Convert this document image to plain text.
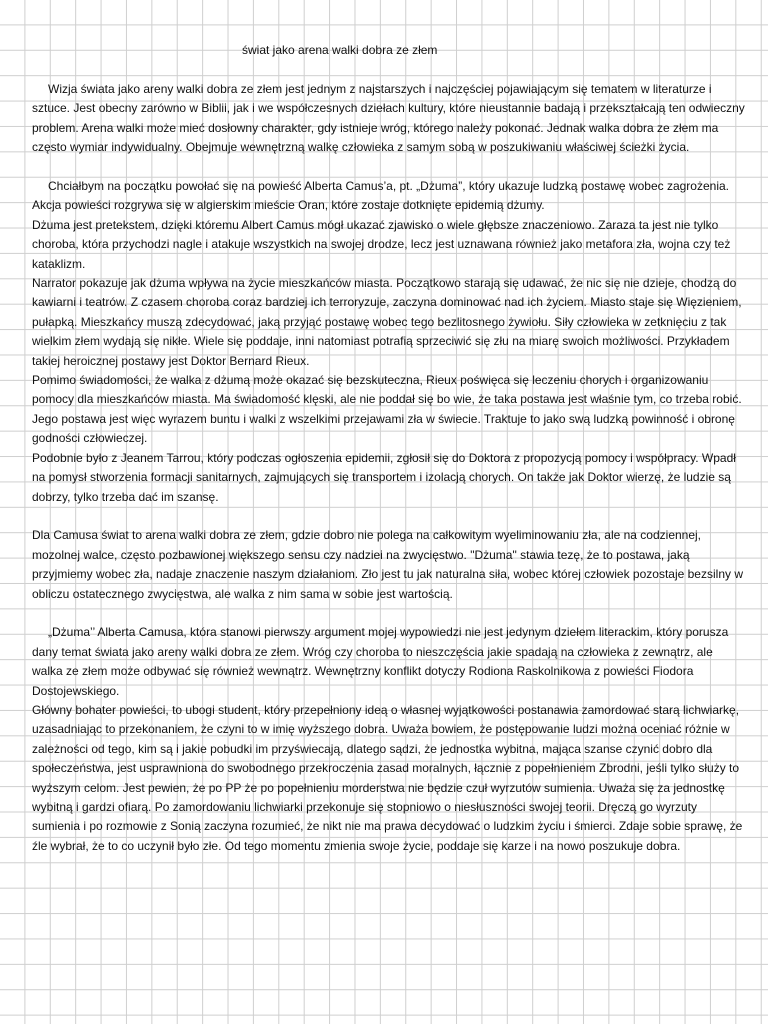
świat jako arena walki dobra ze złem

Wizja świata jako areny walki dobra ze złem jest jednym z najstarszych i najczęściej pojawiającym się tematem w literaturze i sztuce. Jest obecny zarówno w Biblii, jak i we współczesnych dziełach kultury, które nieustannie badają i przekształcają ten odwieczny problem. Arena walki może mieć dosłowny charakter, gdy istnieje wróg, którego należy pokonać. Jednak walka dobra ze złem ma często wymiar indywidualny. Obejmuje wewnętrzną walkę człowieka z samym sobą w poszukiwaniu właściwej ścieżki życia.

Chciałbym na początku powołać się na powieść Alberta Camus’a, pt. „Dżuma”, który ukazuje ludzką postawę wobec zagrożenia. Akcja powieści rozgrywa się w algierskim mieście Oran, które zostaje dotknięte epidemią dżumy.

Dżuma jest pretekstem, dzięki któremu Albert Camus mógł ukazać zjawisko o wiele głębsze znaczeniowo. Zaraza ta jest nie tylko choroba, która przychodzi nagle i atakuje wszystkich na swojej drodze, lecz jest uznawana również jako metafora zła, wojna czy też kataklizm.

Narrator pokazuje jak dżuma wpływa na życie mieszkańców miasta. Początkowo starają się udawać, że nic się nie dzieje, chodzą do kawiarni i teatrów. Z czasem choroba coraz bardziej ich terroryzuje, zaczyna dominować nad ich życiem. Miasto staje się Więzieniem, pułapką. Mieszkańcy muszą zdecydować, jaką przyjąć postawę wobec tego bezlitosnego żywiołu. Siły człowieka w zetknięciu z tak wielkim złem wydają się nikłe. Wiele się poddaje, inni natomiast potrafią sprzeciwić się złu na miarę swoich możliwości. Przykładem takiej heroicznej postawy jest Doktor Bernard Rieux.

Pomimo świadomości, że walka z dżumą może okazać się bezskuteczna, Rieux poświęca się leczeniu chorych i organizowaniu pomocy dla mieszkańców miasta. Ma świadomość klęski, ale nie poddał się bo wie, że taka postawa jest właśnie tym, co trzeba robić. Jego postawa jest więc wyrazem buntu i walki z wszelkimi przejawami zła w świecie. Traktuje to jako swą ludzką powinność i obronę godności człowieczej.

Podobnie było z Jeanem Tarrou, który podczas ogłoszenia epidemii, zgłosił się do Doktora z propozycją pomocy i współpracy. Wpadł na pomysł stworzenia formacji sanitarnych, zajmujących się transportem i izolacją chorych. On także jak Doktor wierzę, że ludzie są dobrzy, tylko trzeba dać im szansę.

Dla Camusa świat to arena walki dobra ze złem, gdzie dobro nie polega na całkowitym wyeliminowaniu zła, ale na codziennej, mozolnej walce, często pozbawionej większego sensu czy nadziei na zwycięstwo. "Dżuma" stawia tezę, że to postawa, jaką przyjmiemy wobec zła, nadaje znaczenie naszym działaniom. Zło jest tu jak naturalna siła, wobec której człowiek pozostaje bezsilny w obliczu ostatecznego zwycięstwa, ale walka z nim sama w sobie jest wartością.

„Dżuma’’ Alberta Camusa, która stanowi pierwszy argument mojej wypowiedzi nie jest jedynym dziełem literackim, który porusza dany temat świata jako areny walki dobra ze złem. Wróg czy choroba to nieszczęścia jakie spadają na człowieka z zewnątrz, ale walka ze złem może odbywać się również wewnątrz. Wewnętrzny konflikt dotyczy Rodiona Raskolnikowa z powieści Fiodora Dostojewskiego.

Główny bohater powieści, to ubogi student, który przepełniony ideą o własnej wyjątkowości postanawia zamordować starą lichwiarkę, uzasadniając to przekonaniem, że czyni to w imię wyższego dobra. Uważa bowiem, że postępowanie ludzi można oceniać różnie w zależności od tego, kim są i jakie pobudki im przyświecają, dlatego sądzi, że jednostka wybitna, mająca szanse czynić dobro dla społeczeństwa, jest usprawniona do swobodnego przekroczenia zasad moralnych, łącznie z popełnieniem Zbrodni, jeśli tylko służy to wyższym celom. Jest pewien, że po PP że po popełnieniu morderstwa nie będzie czuł wyrzutów sumienia. Uważa się za jednostkę wybitną i gardzi ofiarą. Po zamordowaniu lichwiarki przekonuje się stopniowo o niesłuszności swojej teorii. Dręczą go wyrzuty sumienia i po rozmowie z Sonią zaczyna rozumieć, że nikt nie ma prawa decydować o ludzkim życiu i śmierci. Zdaje sobie sprawę, że źle wybrał, że to co uczynił było złe. Od tego momentu zmienia swoje życie, poddaje się karze i na nowo poszukuje dobra.
